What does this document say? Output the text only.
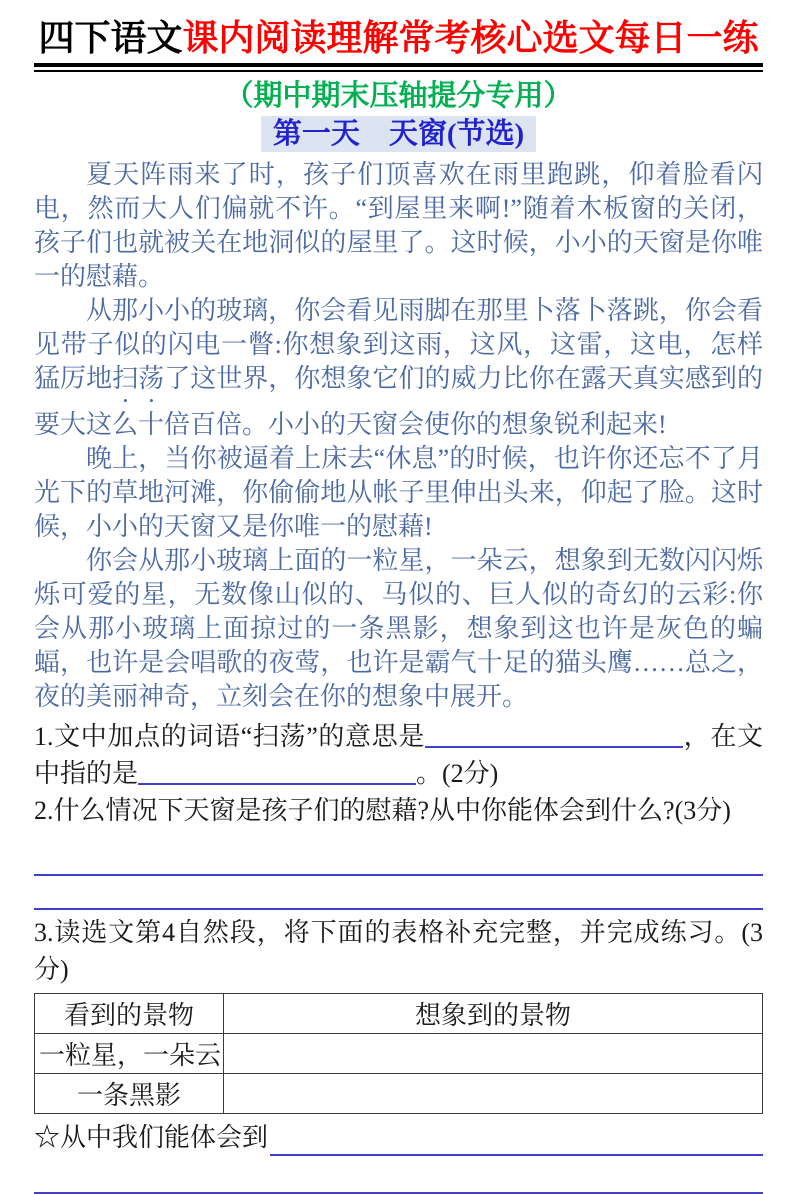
四下语文课内阅读理解常考核心选文每日一练
（期中期末压轴提分专用）
第一天　天窗(节选)

夏天阵雨来了时，孩子们顶喜欢在雨里跑跳，仰着脸看闪电，然而大人们偏就不许。“到屋里来啊!”随着木板窗的关闭，孩子们也就被关在地洞似的屋里了。这时候，小小的天窗是你唯一的慰藉。

从那小小的玻璃，你会看见雨脚在那里卜落卜落跳，你会看见带子似的闪电一瞥:你想象到这雨，这风，这雷，这电，怎样猛厉地扫荡了这世界，你想象它们的威力比你在露天真实感到的要大这么十倍百倍。小小的天窗会使你的想象锐利起来!

晚上，当你被逼着上床去“休息”的时候，也许你还忘不了月光下的草地河滩，你偷偷地从帐子里伸出头来，仰起了脸。这时候，小小的天窗又是你唯一的慰藉!

你会从那小玻璃上面的一粒星，一朵云，想象到无数闪闪烁烁可爱的星，无数像山似的、马似的、巨人似的奇幻的云彩:你会从那小玻璃上面掠过的一条黑影，想象到这也许是灰色的蝙蝠，也许是会唱歌的夜莺，也许是霸气十足的猫头鹰……总之，夜的美丽神奇，立刻会在你的想象中展开。

1.文中加点的词语“扫荡”的意思是	，在文中指的是	。(2分)
2.什么情况下天窗是孩子们的慰藉?从中你能体会到什么?(3分)
3.读选文第4自然段，将下面的表格补充完整，并完成练习。(3分)
看到的景物	想象到的景物
一粒星，一朵云	
一条黑影	
☆从中我们能体会到
